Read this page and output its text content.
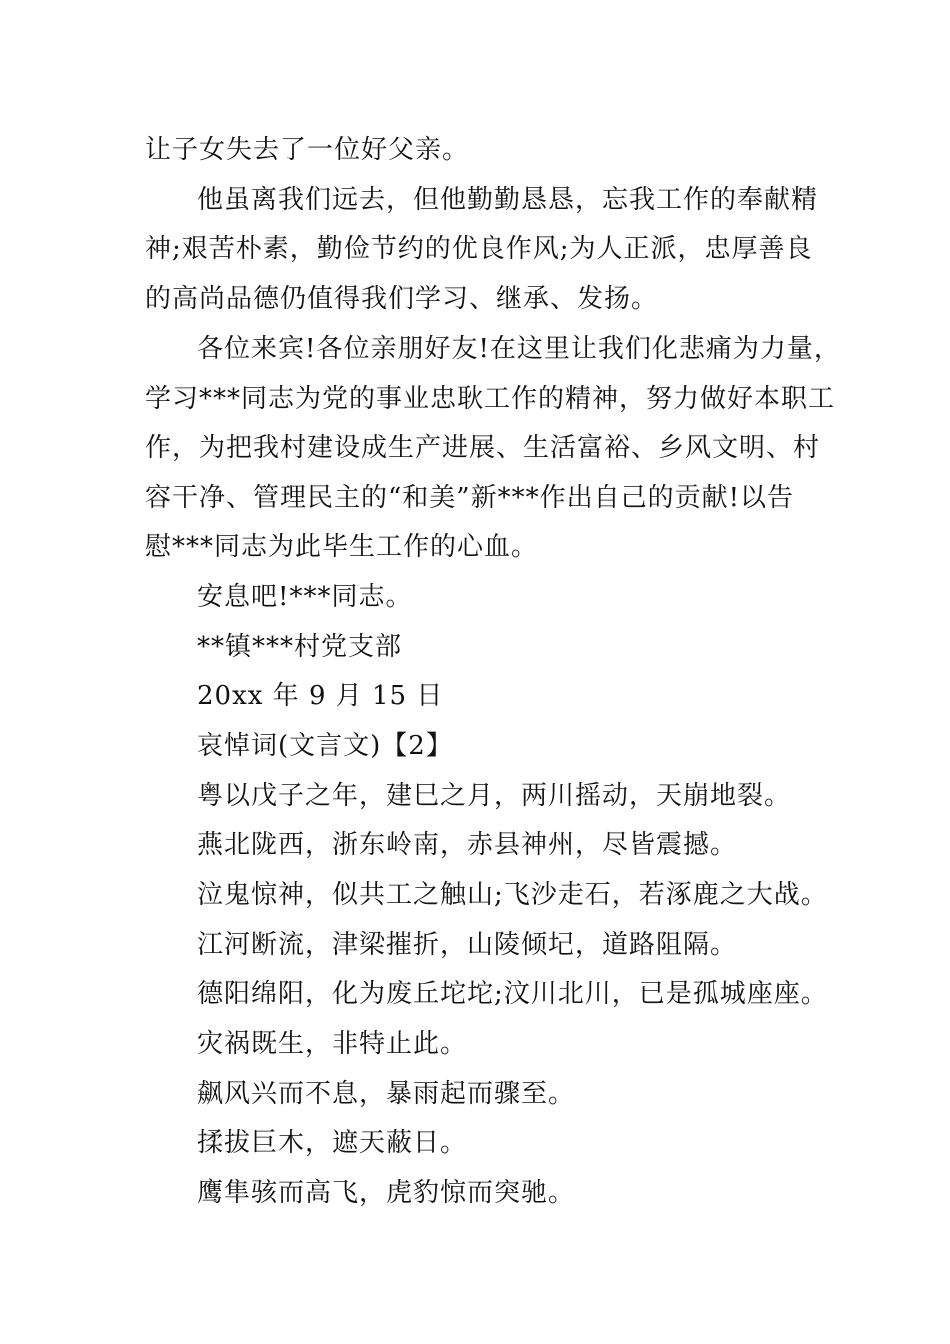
让子女失去了一位好父亲。
他虽离我们远去，但他勤勤恳恳，忘我工作的奉献精
神;艰苦朴素，勤俭节约的优良作风;为人正派，忠厚善良
的高尚品德仍值得我们学习、继承、发扬。
各位来宾!各位亲朋好友!在这里让我们化悲痛为力量，
学习***同志为党的事业忠耿工作的精神，努力做好本职工
作，为把我村建设成生产进展、生活富裕、乡风文明、村
容干净、管理民主的“和美”新***作出自己的贡献!以告
慰***同志为此毕生工作的心血。
安息吧!***同志。
**镇***村党支部
20xx 年 9 月 15 日
哀悼词(文言文)【2】
粤以戊子之年，建巳之月，两川摇动，天崩地裂。
燕北陇西，浙东岭南，赤县神州，尽皆震撼。
泣鬼惊神，似共工之触山;飞沙走石，若涿鹿之大战。
江河断流，津梁摧折，山陵倾圮，道路阻隔。
德阳绵阳，化为废丘坨坨;汶川北川，已是孤城座座。
灾祸既生，非特止此。
飙风兴而不息，暴雨起而骤至。
揉拔巨木，遮天蔽日。
鹰隼骇而高飞，虎豹惊而突驰。
